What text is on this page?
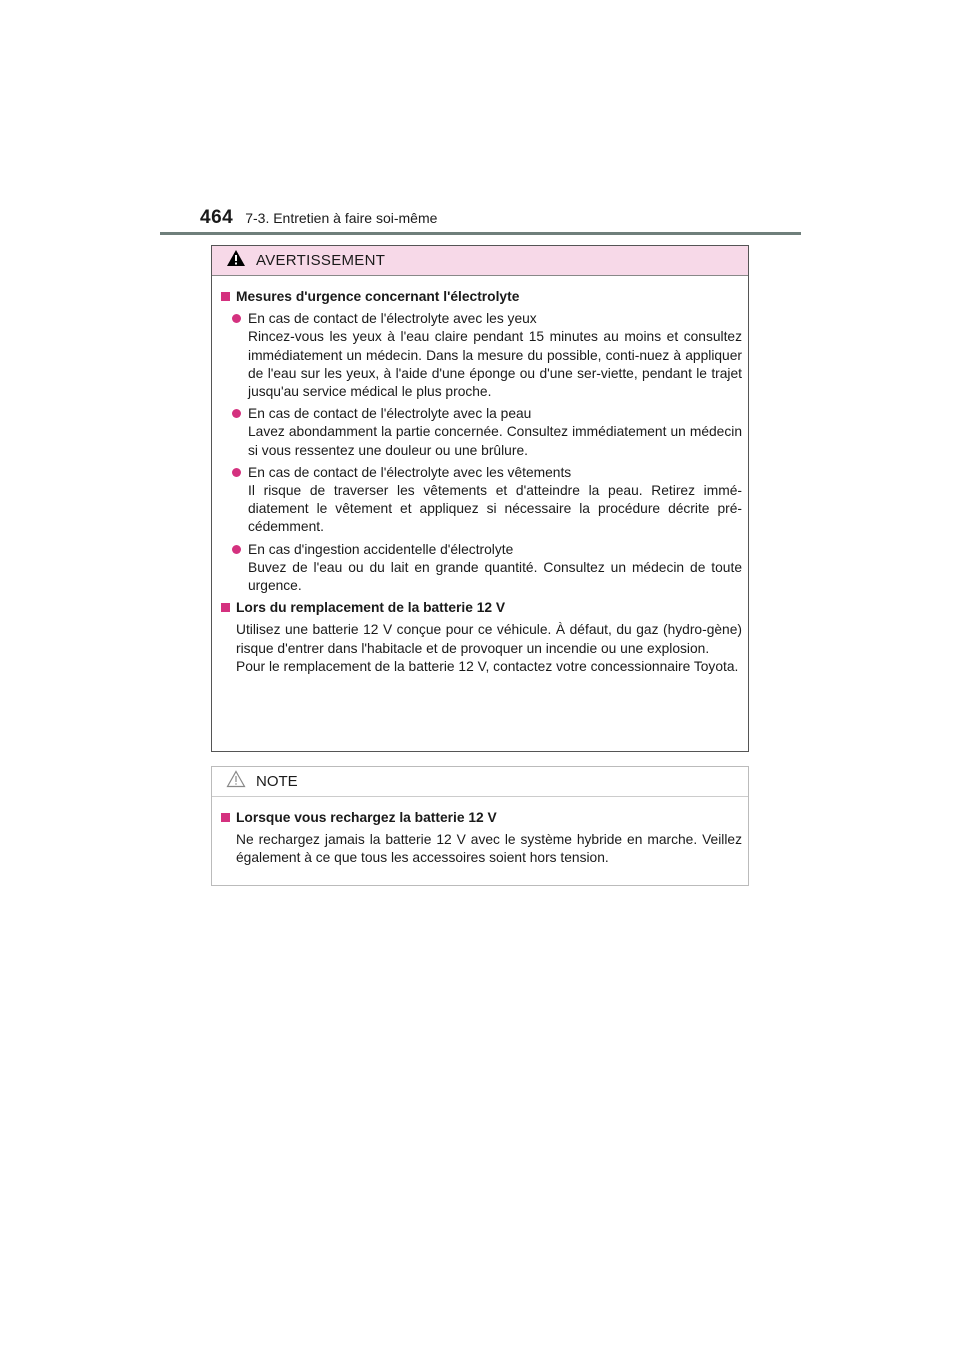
464 7-3. Entretien à faire soi-même
AVERTISSEMENT
Mesures d'urgence concernant l'électrolyte
En cas de contact de l'électrolyte avec les yeux
Rincez-vous les yeux à l'eau claire pendant 15 minutes au moins et consultez immédiatement un médecin. Dans la mesure du possible, conti-nuez à appliquer de l'eau sur les yeux, à l'aide d'une éponge ou d'une ser-viette, pendant le trajet jusqu'au service médical le plus proche.
En cas de contact de l'électrolyte avec la peau
Lavez abondamment la partie concernée. Consultez immédiatement un médecin si vous ressentez une douleur ou une brûlure.
En cas de contact de l'électrolyte avec les vêtements
Il risque de traverser les vêtements et d'atteindre la peau. Retirez immé-diatement le vêtement et appliquez si nécessaire la procédure décrite pré-cédemment.
En cas d'ingestion accidentelle d'électrolyte
Buvez de l'eau ou du lait en grande quantité. Consultez un médecin de toute urgence.
Lors du remplacement de la batterie 12 V
Utilisez une batterie 12 V conçue pour ce véhicule. À défaut, du gaz (hydro-gène) risque d'entrer dans l'habitacle et de provoquer un incendie ou une explosion.
Pour le remplacement de la batterie 12 V, contactez votre concessionnaire Toyota.
NOTE
Lorsque vous rechargez la batterie 12 V
Ne rechargez jamais la batterie 12 V avec le système hybride en marche. Veillez également à ce que tous les accessoires soient hors tension.
